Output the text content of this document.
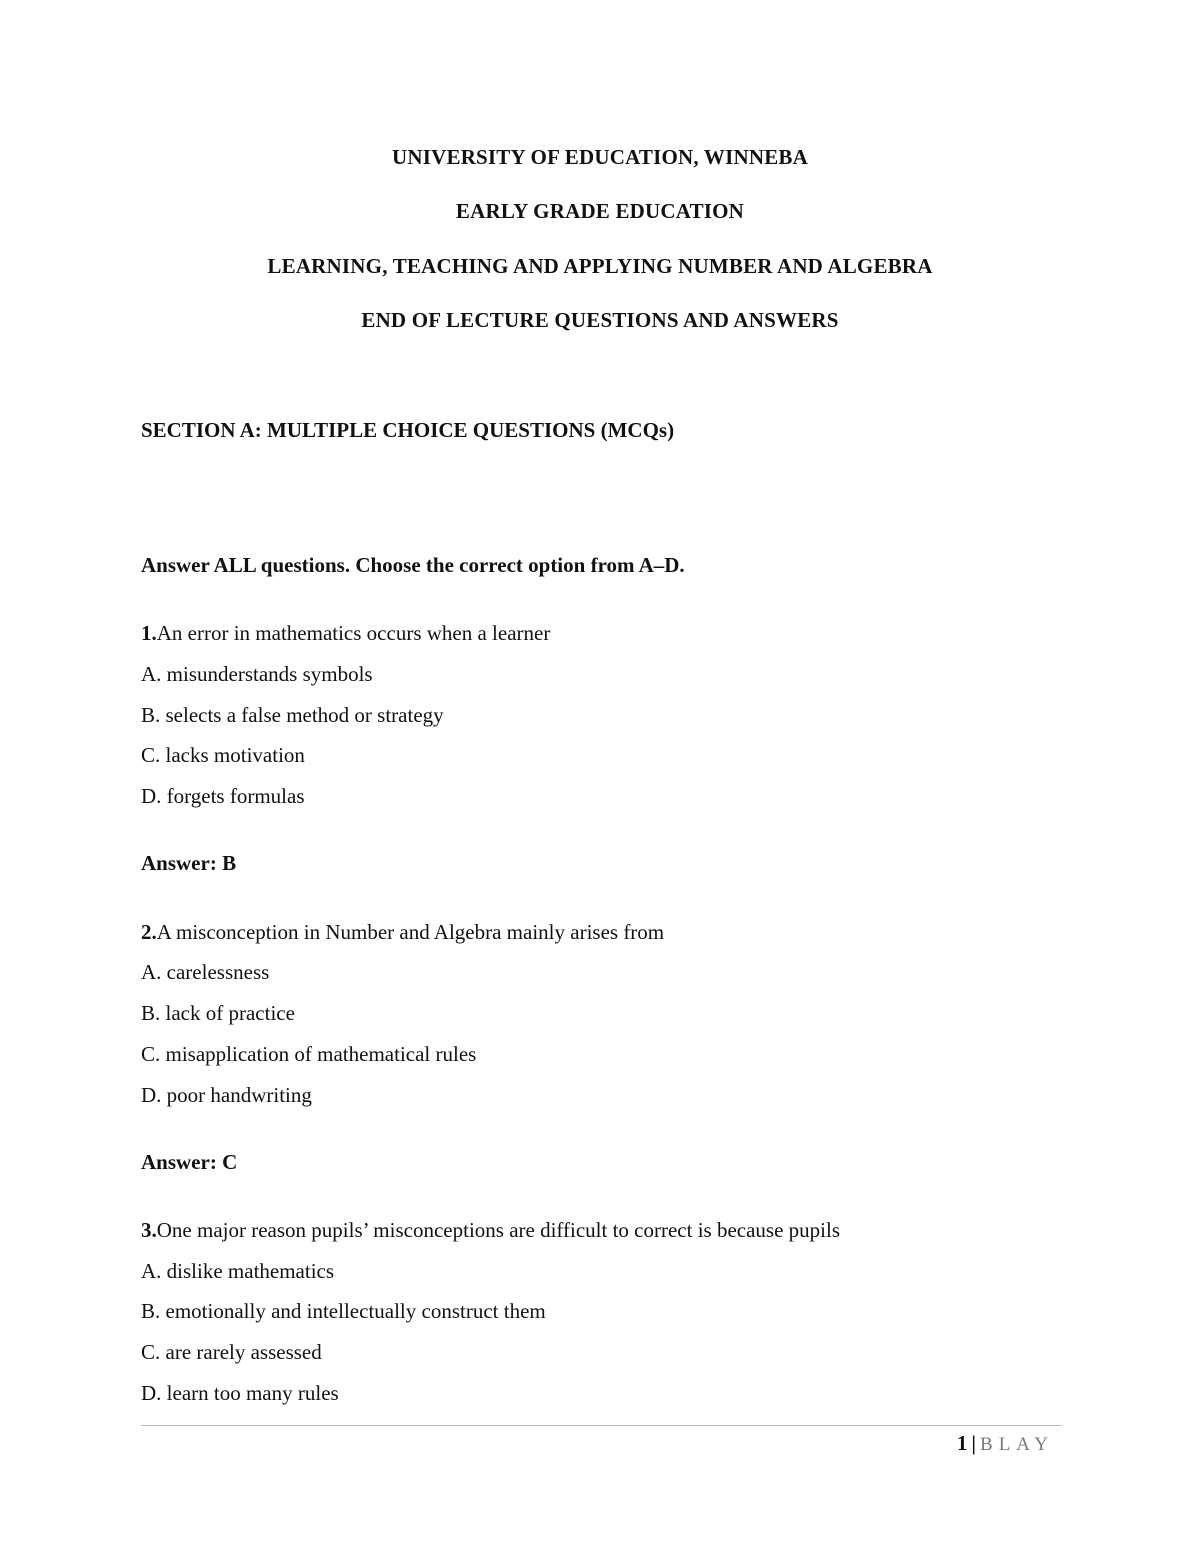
UNIVERSITY OF EDUCATION, WINNEBA
EARLY GRADE EDUCATION
LEARNING, TEACHING AND APPLYING NUMBER AND ALGEBRA
END OF LECTURE QUESTIONS AND ANSWERS
SECTION A: MULTIPLE CHOICE QUESTIONS (MCQs)
Answer ALL questions. Choose the correct option from A–D.
1.An error in mathematics occurs when a learner
A. misunderstands symbols
B. selects a false method or strategy
C. lacks motivation
D. forgets formulas
Answer: B
2.A misconception in Number and Algebra mainly arises from
A. carelessness
B. lack of practice
C. misapplication of mathematical rules
D. poor handwriting
Answer: C
3.One major reason pupils’ misconceptions are difficult to correct is because pupils
A. dislike mathematics
B. emotionally and intellectually construct them
C. are rarely assessed
D. learn too many rules
1 | BLAY
